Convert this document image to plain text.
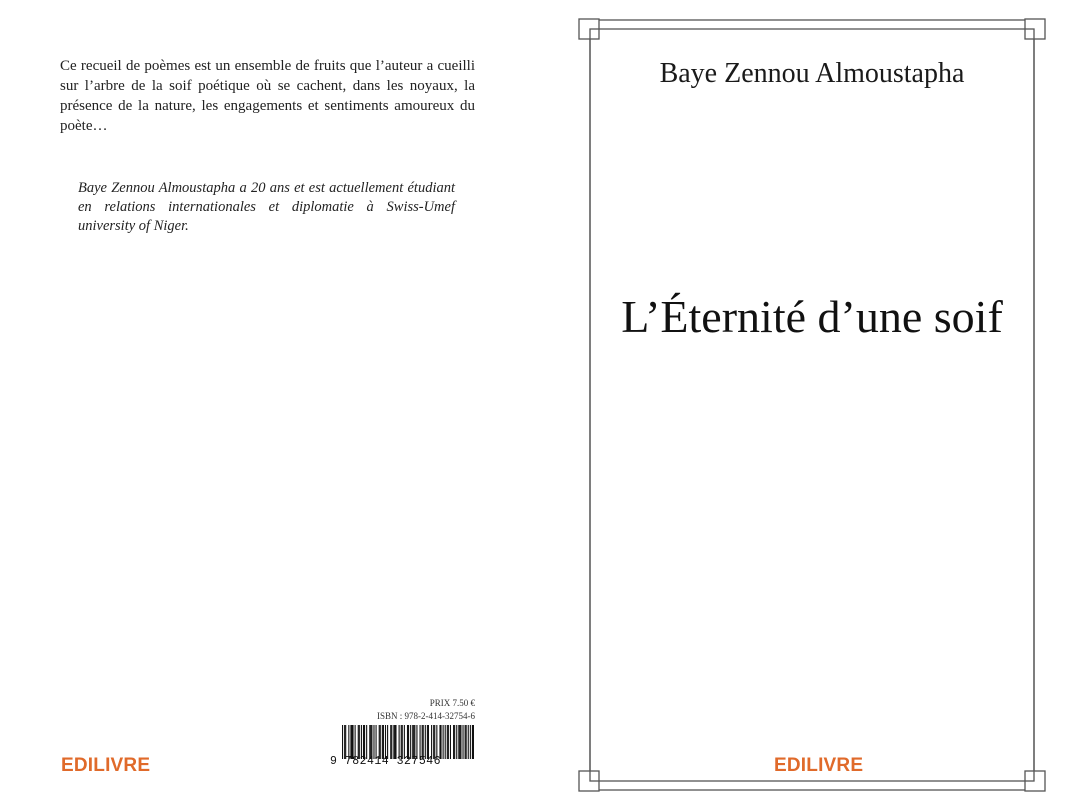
Ce recueil de poèmes est un ensemble de fruits que l’auteur a cueilli sur l’arbre de la soif poétique où se cachent, dans les noyaux, la présence de la nature, les engagements et sentiments amoureux du poète…

Baye Zennou Almoustapha a 20 ans et est actuellement étudiant en relations internationales et diplomatie à Swiss-Umef university of Niger.

PRIX 7.50 €
ISBN : 978-2-414-32754-6
9 782414 327546
EDILIVRE
Baye Zennou Almoustapha
L’Éternité d’une soif
EDILIVRE
